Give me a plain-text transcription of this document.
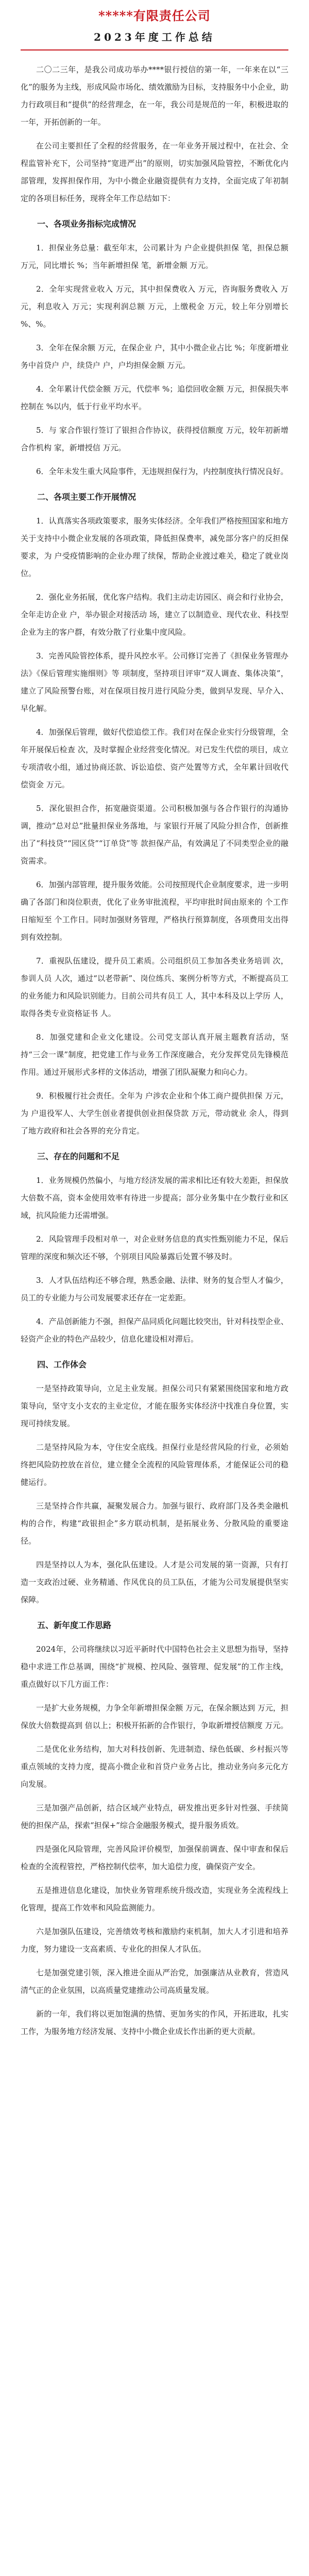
*****有限责任公司
2023年度工作总结

二〇二三年，是我公司成功举办****银行授信的第一年，一年来在以“三化”的服务为主线，形成风险市场化、绩效激励为目标，支持服务中小企业，助力行政项目和“提供”的经营理念，在一年，我公司是规范的一年，积极进取的一年，开拓创新的一年。

在公司主要担任了全程的经营服务，在一年业务开展过程中，在社会、全程监管补充下，公司坚持“宽进严出”的原则，切实加强风险管控，不断优化内部管理，发挥担保作用，为中小微企业融资提供有力支持，全面完成了年初制定的各项目标任务，现将全年工作总结如下：

一、各项业务指标完成情况

1．担保业务总量：截至年末，公司累计为 户企业提供担保 笔，担保总额 万元，同比增长 %；当年新增担保 笔，新增金额 万元。

2．全年实现营业收入 万元，其中担保费收入 万元，咨询服务费收入 万元，利息收入 万元；实现利润总额 万元，上缴税金 万元，较上年分别增长 %、%。

3．全年在保余额 万元，在保企业 户，其中小微企业占比 %；年度新增业务中首贷户 户，续贷户 户，户均担保金额 万元。

4．全年累计代偿金额 万元，代偿率 %；追偿回收金额 万元，担保损失率控制在 %以内，低于行业平均水平。

5．与 家合作银行签订了银担合作协议，获得授信额度 万元，较年初新增合作机构 家，新增授信 万元。

6．全年未发生重大风险事件，无违规担保行为，内控制度执行情况良好。

二、各项主要工作开展情况

1．认真落实各项政策要求，服务实体经济。全年我们严格按照国家和地方关于支持中小微企业发展的各项政策，降低担保费率，减免部分客户的反担保要求，为 户受疫情影响的企业办理了续保，帮助企业渡过难关，稳定了就业岗位。

2．强化业务拓展，优化客户结构。我们主动走访园区、商会和行业协会，全年走访企业 户，举办银企对接活动 场，建立了以制造业、现代农业、科技型企业为主的客户群，有效分散了行业集中度风险。

3．完善风险管控体系，提升风控水平。公司修订完善了《担保业务管理办法》《保后管理实施细则》等 项制度，坚持项目评审“双人调查、集体决策”，建立了风险预警台账，对在保项目按月进行风险分类，做到早发现、早介入、早化解。

4．加强保后管理，做好代偿追偿工作。我们对在保企业实行分级管理，全年开展保后检查 次，及时掌握企业经营变化情况。对已发生代偿的项目，成立专项清收小组，通过协商还款、诉讼追偿、资产处置等方式，全年累计回收代偿资金 万元。

5．深化银担合作，拓宽融资渠道。公司积极加强与各合作银行的沟通协调，推动“总对总”批量担保业务落地，与 家银行开展了风险分担合作，创新推出了“科技贷”“园区贷”“订单贷”等 款担保产品，有效满足了不同类型企业的融资需求。

6．加强内部管理，提升服务效能。公司按照现代企业制度要求，进一步明确了各部门和岗位职责，优化了业务审批流程，平均审批时间由原来的 个工作日缩短至 个工作日。同时加强财务管理，严格执行预算制度，各项费用支出得到有效控制。

7．重视队伍建设，提升员工素质。公司组织员工参加各类业务培训 次，参训人员 人次，通过“以老带新”、岗位练兵、案例分析等方式，不断提高员工的业务能力和风险识别能力。目前公司共有员工 人，其中本科及以上学历 人，取得各类专业资格证书 人。

8．加强党建和企业文化建设。公司党支部认真开展主题教育活动，坚持“三会一课”制度，把党建工作与业务工作深度融合，充分发挥党员先锋模范作用。通过开展形式多样的文体活动，增强了团队凝聚力和向心力。

9．积极履行社会责任。全年为 户涉农企业和个体工商户提供担保 万元，为 户退役军人、大学生创业者提供创业担保贷款 万元，带动就业 余人，得到了地方政府和社会各界的充分肯定。

三、存在的问题和不足

1．业务规模仍然偏小，与地方经济发展的需求相比还有较大差距，担保放大倍数不高，资本金使用效率有待进一步提高；部分业务集中在少数行业和区域，抗风险能力还需增强。

2．风险管理手段相对单一，对企业财务信息的真实性甄别能力不足，保后管理的深度和频次还不够，个别项目风险暴露后处置不够及时。

3．人才队伍结构还不够合理，熟悉金融、法律、财务的复合型人才偏少，员工的专业能力与公司发展要求还存在一定差距。

4．产品创新能力不强，担保产品同质化问题比较突出，针对科技型企业、轻资产企业的特色产品较少，信息化建设相对滞后。

四、工作体会

一是坚持政策导向，立足主业发展。担保公司只有紧紧围绕国家和地方政策导向，坚守支小支农的主业定位，才能在服务实体经济中找准自身位置，实现可持续发展。

二是坚持风险为本，守住安全底线。担保行业是经营风险的行业，必须始终把风险防控放在首位，建立健全全流程的风险管理体系，才能保证公司的稳健运行。

三是坚持合作共赢，凝聚发展合力。加强与银行、政府部门及各类金融机构的合作，构建“政银担企”多方联动机制，是拓展业务、分散风险的重要途径。

四是坚持以人为本，强化队伍建设。人才是公司发展的第一资源，只有打造一支政治过硬、业务精通、作风优良的员工队伍，才能为公司发展提供坚实保障。

五、新年度工作思路

2024年，公司将继续以习近平新时代中国特色社会主义思想为指导，坚持稳中求进工作总基调，围绕“扩规模、控风险、强管理、促发展”的工作主线，重点做好以下几方面工作：

一是扩大业务规模，力争全年新增担保金额 万元，在保余额达到 万元，担保放大倍数提高到 倍以上；积极开拓新的合作银行，争取新增授信额度 万元。

二是优化业务结构，加大对科技创新、先进制造、绿色低碳、乡村振兴等重点领域的支持力度，提高小微企业和首贷户业务占比，推动业务向多元化方向发展。

三是加强产品创新，结合区域产业特点，研发推出更多针对性强、手续简便的担保产品，探索“担保+”综合金融服务模式，提升服务质效。

四是强化风险管理，完善风险评价模型，加强保前调查、保中审查和保后检查的全流程管控，严格控制代偿率，加大追偿力度，确保资产安全。

五是推进信息化建设，加快业务管理系统升级改造，实现业务全流程线上化管理，提高工作效率和风险监测能力。

六是加强队伍建设，完善绩效考核和激励约束机制，加大人才引进和培养力度，努力建设一支高素质、专业化的担保人才队伍。

七是加强党建引领，深入推进全面从严治党，加强廉洁从业教育，营造风清气正的企业氛围，以高质量党建推动公司高质量发展。

新的一年，我们将以更加饱满的热情、更加务实的作风，开拓进取，扎实工作，为服务地方经济发展、支持中小微企业成长作出新的更大贡献。
